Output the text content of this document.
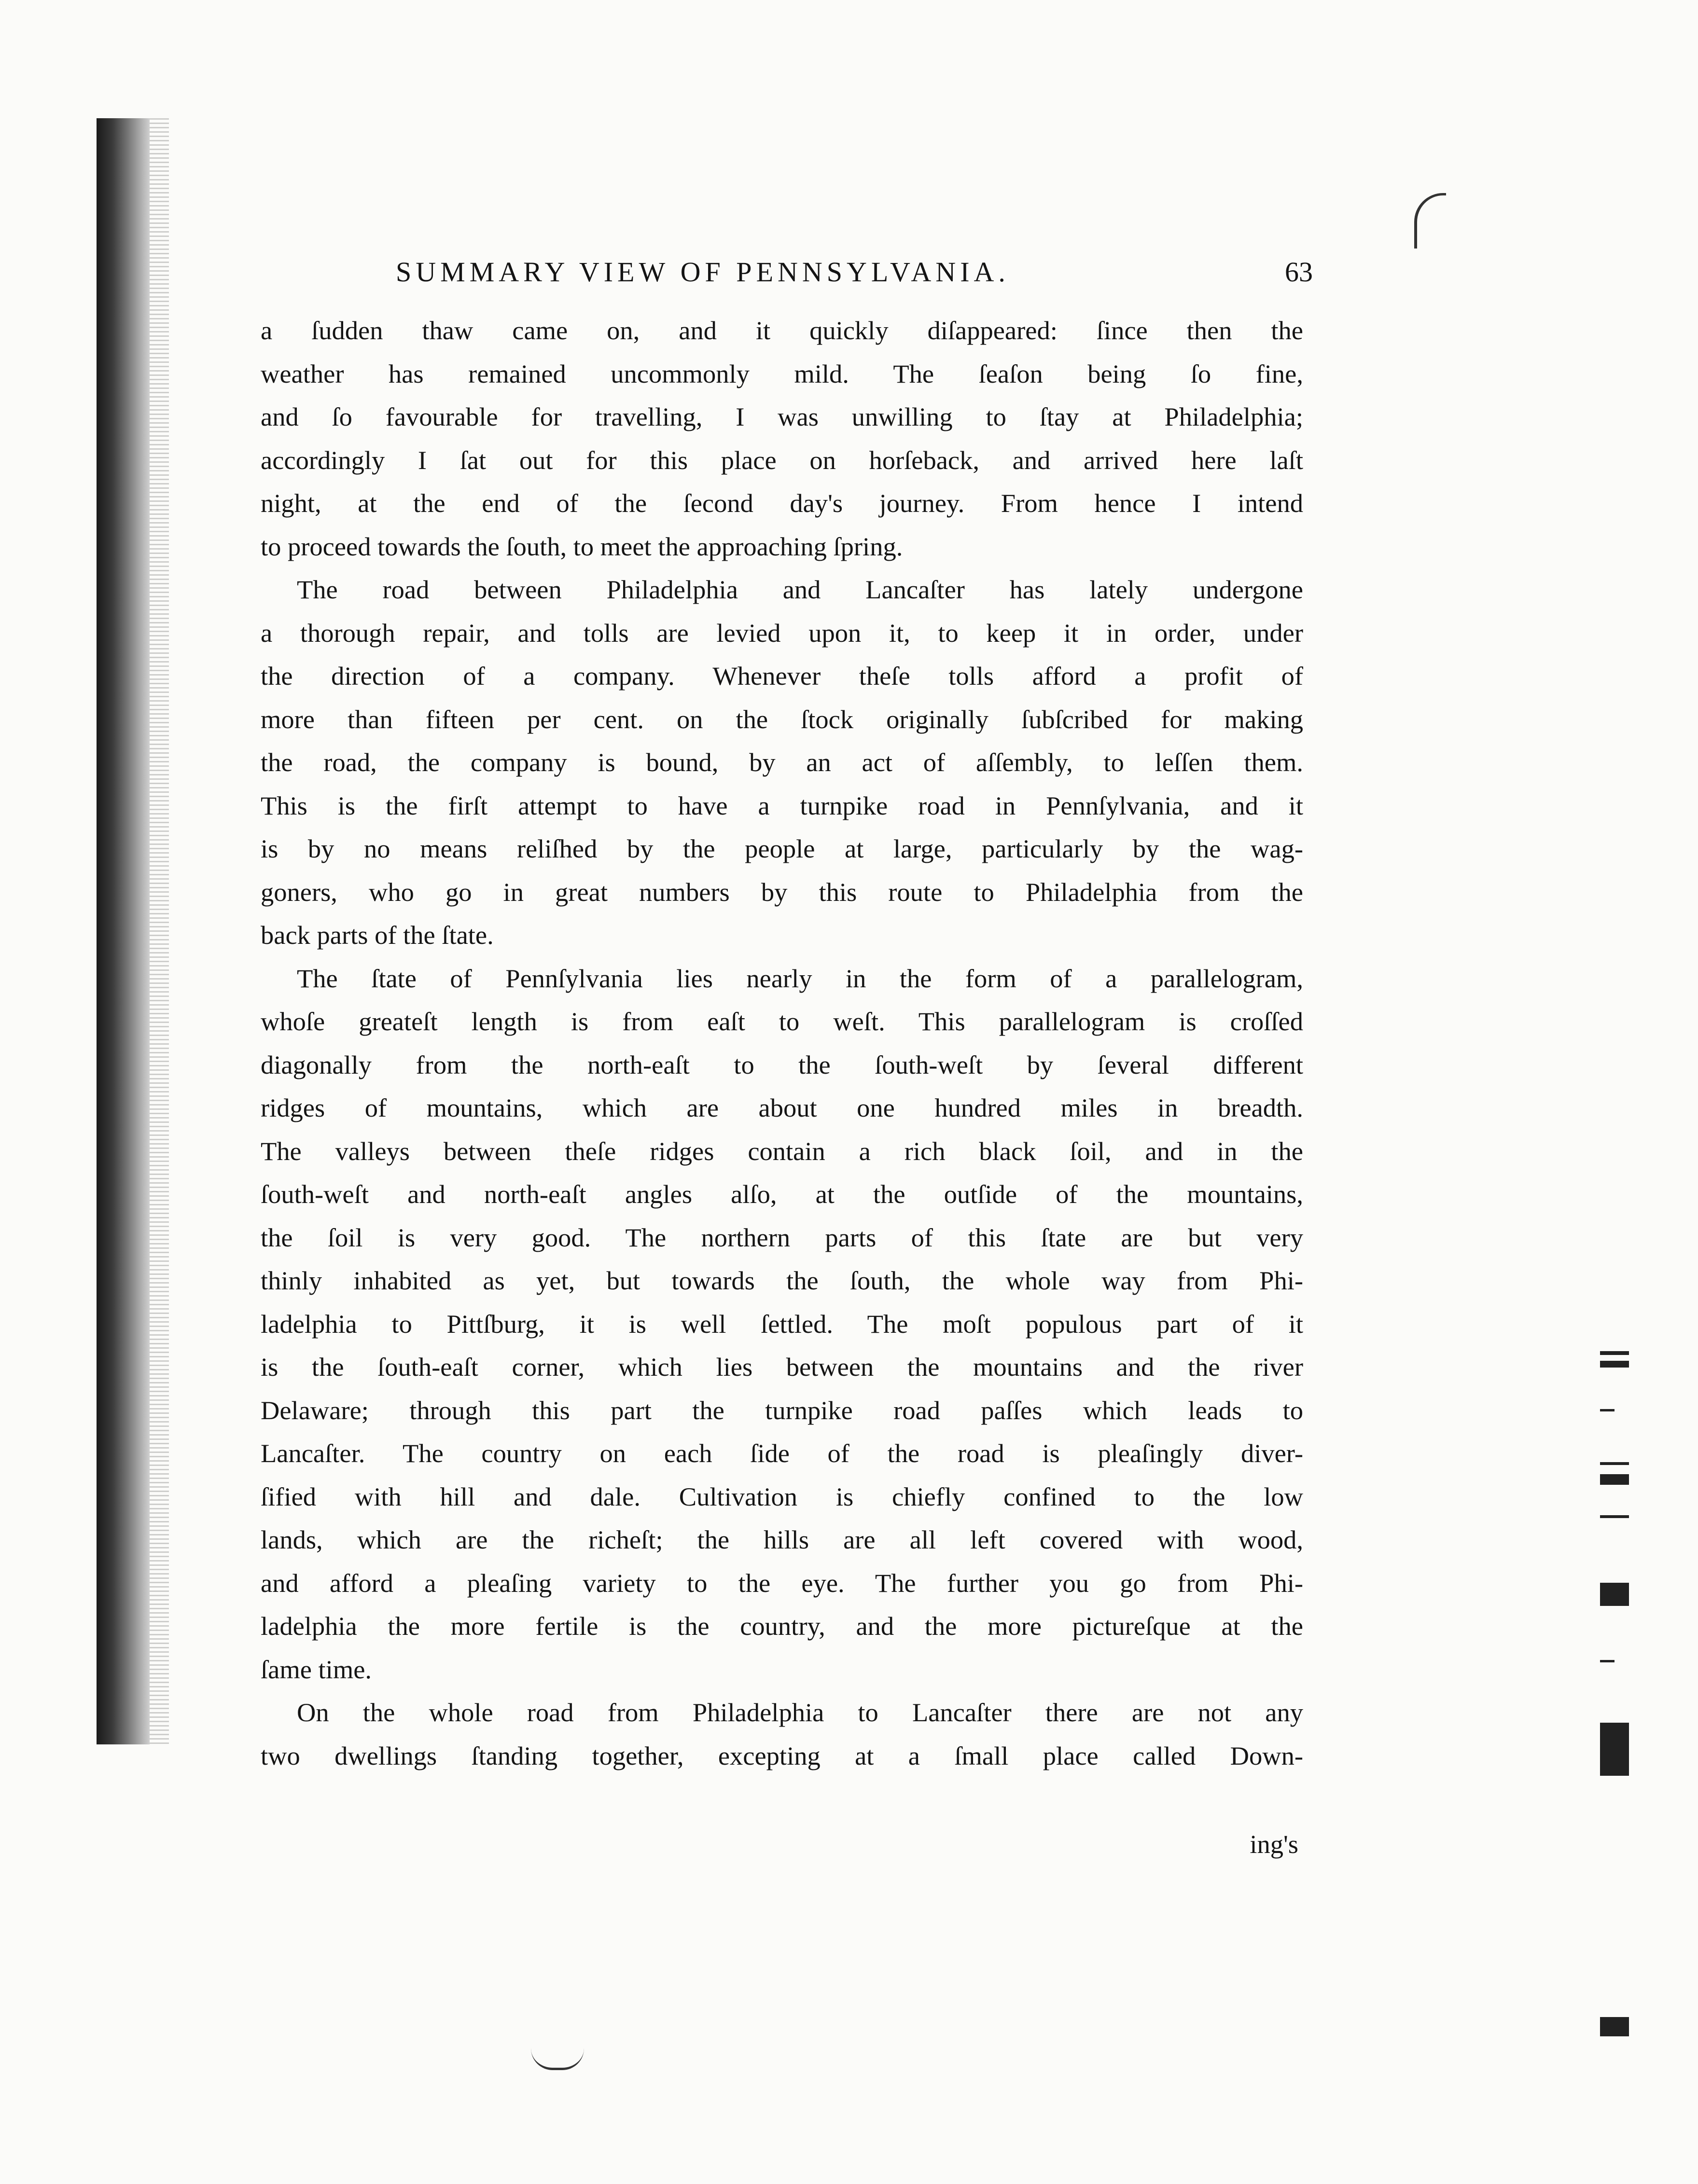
SUMMARY VIEW OF PENNSYLVANIA.	63
a ſudden thaw came on, and it quickly diſappeared: ſince then the
weather has remained uncommonly mild. The ſeaſon being ſo fine,
and ſo favourable for travelling, I was unwilling to ſtay at Philadelphia;
accordingly I ſat out for this place on horſeback, and arrived here laſt
night, at the end of the ſecond day's journey. From hence I intend
to proceed towards the ſouth, to meet the approaching ſpring.
The road between Philadelphia and Lancaſter has lately undergone
a thorough repair, and tolls are levied upon it, to keep it in order, under
the direction of a company. Whenever theſe tolls afford a profit of
more than fifteen per cent. on the ſtock originally ſubſcribed for making
the road, the company is bound, by an act of aſſembly, to leſſen them.
This is the firſt attempt to have a turnpike road in Pennſylvania, and it
is by no means reliſhed by the people at large, particularly by the wag-
goners, who go in great numbers by this route to Philadelphia from the
back parts of the ſtate.
The ſtate of Pennſylvania lies nearly in the form of a parallelogram,
whoſe greateſt length is from eaſt to weſt. This parallelogram is croſſed
diagonally from the north-eaſt to the ſouth-weſt by ſeveral different
ridges of mountains, which are about one hundred miles in breadth.
The valleys between theſe ridges contain a rich black ſoil, and in the
ſouth-weſt and north-eaſt angles alſo, at the outſide of the mountains,
the ſoil is very good. The northern parts of this ſtate are but very
thinly inhabited as yet, but towards the ſouth, the whole way from Phi-
ladelphia to Pittſburg, it is well ſettled. The moſt populous part of it
is the ſouth-eaſt corner, which lies between the mountains and the river
Delaware; through this part the turnpike road paſſes which leads to
Lancaſter. The country on each ſide of the road is pleaſingly diver-
ſified with hill and dale. Cultivation is chiefly confined to the low
lands, which are the richeſt; the hills are all left covered with wood,
and afford a pleaſing variety to the eye. The further you go from Phi-
ladelphia the more fertile is the country, and the more pictureſque at the
ſame time.
On the whole road from Philadelphia to Lancaſter there are not any
two dwellings ſtanding together, excepting at a ſmall place called Down-
ing's
